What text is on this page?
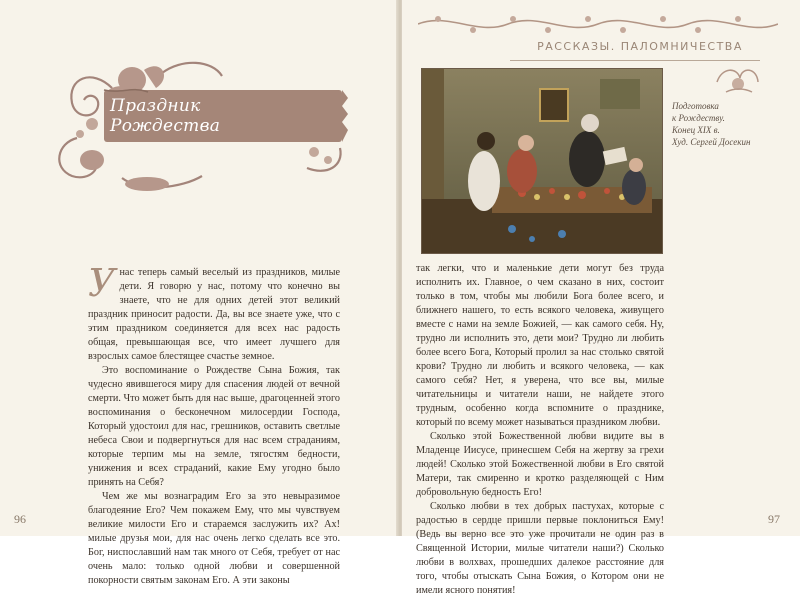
Праздник Рождества

Унас теперь самый веселый из праздников, милые дети. Я говорю у нас, потому что конечно вы знаете, что не для одних детей этот великий праздник приносит радости. Да, вы все знаете уже, что с этим праздником соединяется для всех нас радость общая, превышающая все, что имеет лучшего для взрослых самое блестящее счастье земное.

Это воспоминание о Рождестве Сына Божия, так чудесно явившегося миру для спасения людей от вечной смерти. Что может быть для нас выше, драгоценней этого воспоминания о бесконечном милосердии Господа, Который удостоил для нас, грешников, оставить светлые небеса Свои и подвергнуться для нас всем страданиям, которые терпим мы на земле, тягостям бедности, унижения и всех страданий, какие Ему угодно было принять на Себя?

Чем же мы вознаградим Его за это невыразимое благодеяние Его? Чем покажем Ему, что мы чувствуем великие милости Его и стараемся заслужить их? Ах! милые друзья мои, для нас очень легко сделать все это. Бог, ниспославший нам так много от Себя, требует от нас очень мало: только одной любви и совершенной покорности святым законам Его. А эти законы

96
РАССКАЗЫ. ПАЛОМНИЧЕСТВА
Подготовка
к Рождеству.
Конец XIX в.
Худ. Сергей Досекин

так легки, что и маленькие дети могут без труда исполнить их. Главное, о чем сказано в них, состоит только в том, чтобы мы любили Бога более всего, и ближнего нашего, то есть всякого человека, живущего вместе с нами на земле Божией, — как самого себя. Ну, трудно ли исполнить это, дети мои? Трудно ли любить более всего Бога, Который пролил за нас столько святой крови? Трудно ли любить и всякого человека, — как самого себя? Нет, я уверена, что все вы, милые читательницы и читатели наши, не найдете этого трудным, особенно когда вспомните о празднике, который по всему может называться праздником любви.

Сколько этой Божественной любви видите вы в Младенце Иисусе, принесшем Себя на жертву за грехи людей! Сколько этой Божественной любви в Его святой Матери, так смиренно и кротко разделяющей с Ним добровольную бедность Его!

Сколько любви в тех добрых пастухах, которые с радостью в сердце пришли первые поклониться Ему! (Ведь вы верно все это уже прочитали не один раз в Священной Истории, милые читатели наши?) Сколько любви в волхвах, прошедших далекое расстояние для того, чтобы отыскать Сына Божия, о Котором они не имели ясного понятия!

97
